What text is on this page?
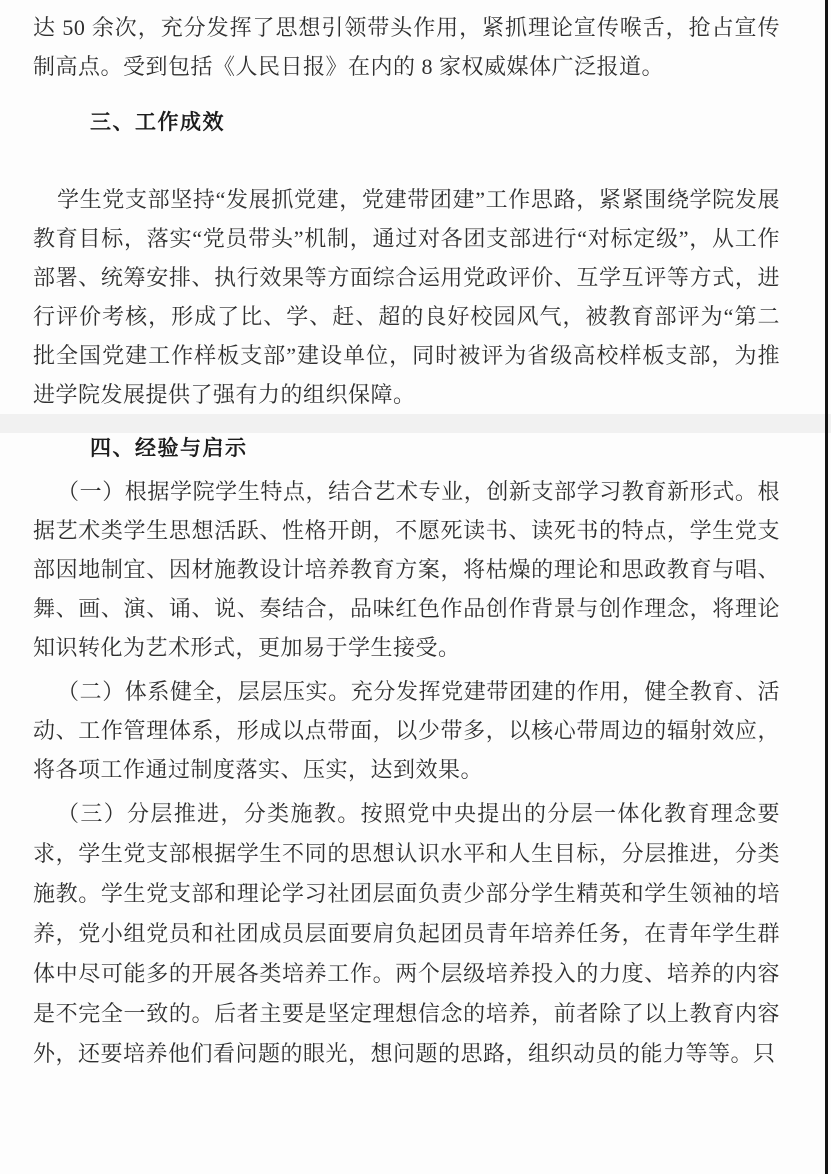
达 50 余次，充分发挥了思想引领带头作用，紧抓理论宣传喉舌，抢占宣传制高点。受到包括《人民日报》在内的 8 家权威媒体广泛报道。

三、工作成效

学生党支部坚持“发展抓党建，党建带团建”工作思路，紧紧围绕学院发展教育目标，落实“党员带头”机制，通过对各团支部进行“对标定级”，从工作部署、统筹安排、执行效果等方面综合运用党政评价、互学互评等方式，进行评价考核，形成了比、学、赶、超的良好校园风气，被教育部评为“第二批全国党建工作样板支部”建设单位，同时被评为省级高校样板支部，为推进学院发展提供了强有力的组织保障。

四、经验与启示

（一）根据学院学生特点，结合艺术专业，创新支部学习教育新形式。根据艺术类学生思想活跃、性格开朗，不愿死读书、读死书的特点，学生党支部因地制宜、因材施教设计培养教育方案，将枯燥的理论和思政教育与唱、舞、画、演、诵、说、奏结合，品味红色作品创作背景与创作理念，将理论知识转化为艺术形式，更加易于学生接受。

（二）体系健全，层层压实。充分发挥党建带团建的作用，健全教育、活动、工作管理体系，形成以点带面，以少带多，以核心带周边的辐射效应，将各项工作通过制度落实、压实，达到效果。

（三）分层推进，分类施教。按照党中央提出的分层一体化教育理念要求，学生党支部根据学生不同的思想认识水平和人生目标，分层推进，分类施教。学生党支部和理论学习社团层面负责少部分学生精英和学生领袖的培养，党小组党员和社团成员层面要肩负起团员青年培养任务，在青年学生群体中尽可能多的开展各类培养工作。两个层级培养投入的力度、培养的内容是不完全一致的。后者主要是坚定理想信念的培养，前者除了以上教育内容外，还要培养他们看问题的眼光，想问题的思路，组织动员的能力等等。只
